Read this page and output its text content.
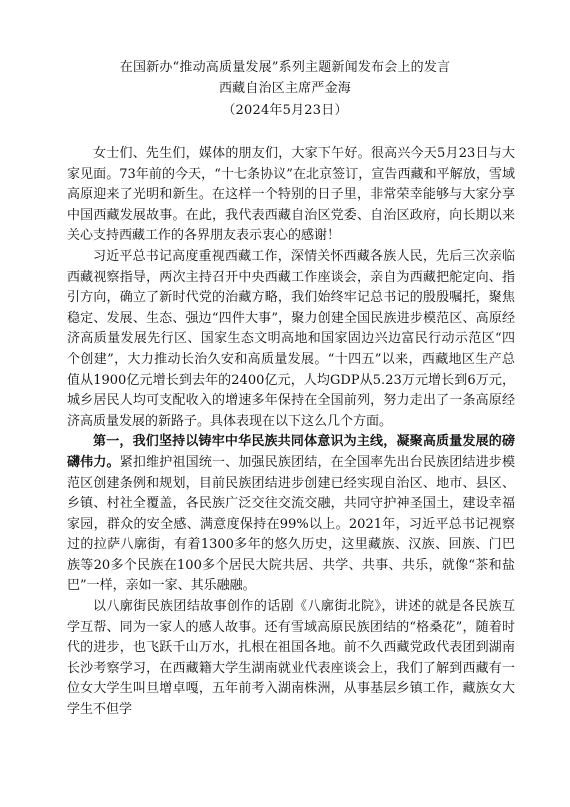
在国新办“推动高质量发展”系列主题新闻发布会上的发言
西藏自治区主席严金海
（2024年5月23日）

女士们、先生们，媒体的朋友们，大家下午好。很高兴今天5月23日与大家见面。73年前的今天，“十七条协议”在北京签订，宣告西藏和平解放，雪域高原迎来了光明和新生。在这样一个特别的日子里，非常荣幸能够与大家分享中国西藏发展故事。在此，我代表西藏自治区党委、自治区政府，向长期以来关心支持西藏工作的各界朋友表示衷心的感谢！

习近平总书记高度重视西藏工作，深情关怀西藏各族人民，先后三次亲临西藏视察指导，两次主持召开中央西藏工作座谈会，亲自为西藏把舵定向、指引方向，确立了新时代党的治藏方略，我们始终牢记总书记的殷殷嘱托，聚焦稳定、发展、生态、强边“四件大事”，聚力创建全国民族进步模范区、高原经济高质量发展先行区、国家生态文明高地和国家固边兴边富民行动示范区“四个创建”，大力推动长治久安和高质量发展。“十四五”以来，西藏地区生产总值从1900亿元增长到去年的2400亿元，人均GDP从5.23万元增长到6万元，城乡居民人均可支配收入的增速多年保持在全国前列，努力走出了一条高原经济高质量发展的新路子。具体表现在以下这么几个方面。

第一，我们坚持以铸牢中华民族共同体意识为主线，凝聚高质量发展的磅礴伟力。紧扣维护祖国统一、加强民族团结，在全国率先出台民族团结进步模范区创建条例和规划，目前民族团结进步创建已经实现自治区、地市、县区、乡镇、村社全覆盖，各民族广泛交往交流交融，共同守护神圣国土，建设幸福家园，群众的安全感、满意度保持在99%以上。2021年，习近平总书记视察过的拉萨八廓街，有着1300多年的悠久历史，这里藏族、汉族、回族、门巴族等20多个民族在100多个居民大院共居、共学、共事、共乐，就像“茶和盐巴”一样，亲如一家、其乐融融。

以八廓街民族团结故事创作的话剧《八廓街北院》，讲述的就是各民族互学互帮、同为一家人的感人故事。还有雪域高原民族团结的“格桑花”，随着时代的进步，也飞跃千山万水，扎根在祖国各地。前不久西藏党政代表团到湖南长沙考察学习，在西藏籍大学生湖南就业代表座谈会上，我们了解到西藏有一位女大学生叫旦增卓嘎，五年前考入湖南株洲，从事基层乡镇工作，藏族女大学生不但学
